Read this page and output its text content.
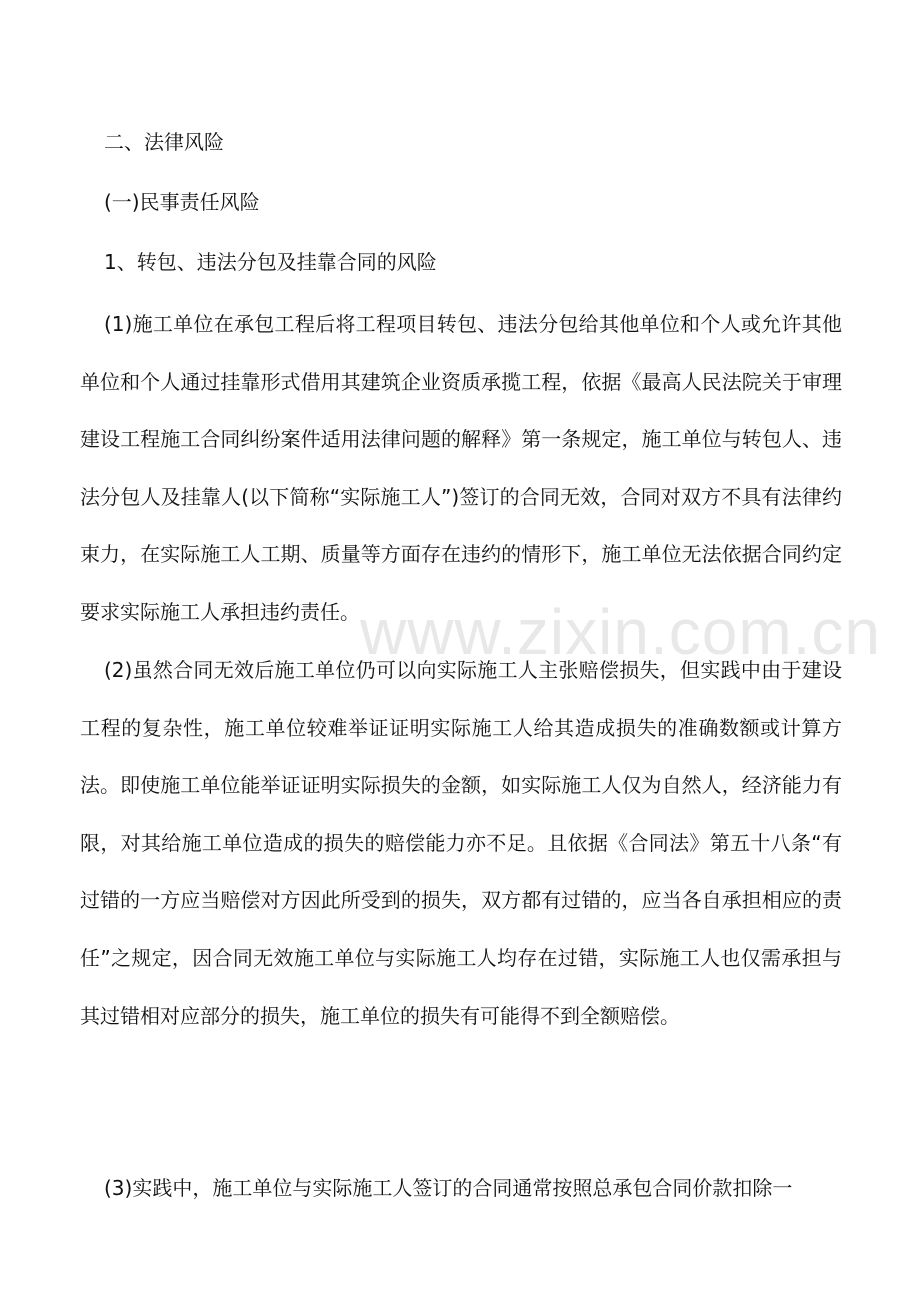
二、法律风险
(一)民事责任风险
1、转包、违法分包及挂靠合同的风险

(1)施工单位在承包工程后将工程项目转包、违法分包给其他单位和个人或允许其他单位和个人通过挂靠形式借用其建筑企业资质承揽工程，依据《最高人民法院关于审理建设工程施工合同纠纷案件适用法律问题的解释》第一条规定，施工单位与转包人、违法分包人及挂靠人(以下简称“实际施工人”)签订的合同无效，合同对双方不具有法律约束力，在实际施工人工期、质量等方面存在违约的情形下，施工单位无法依据合同约定要求实际施工人承担违约责任。

(2)虽然合同无效后施工单位仍可以向实际施工人主张赔偿损失，但实践中由于建设工程的复杂性，施工单位较难举证证明实际施工人给其造成损失的准确数额或计算方法。即使施工单位能举证证明实际损失的金额，如实际施工人仅为自然人，经济能力有限，对其给施工单位造成的损失的赔偿能力亦不足。且依据《合同法》第五十八条“有过错的一方应当赔偿对方因此所受到的损失，双方都有过错的，应当各自承担相应的责任”之规定，因合同无效施工单位与实际施工人均存在过错，实际施工人也仅需承担与其过错相对应部分的损失，施工单位的损失有可能得不到全额赔偿。

(3)实践中，施工单位与实际施工人签订的合同通常按照总承包合同价款扣除一

www.zixin.com.cn
